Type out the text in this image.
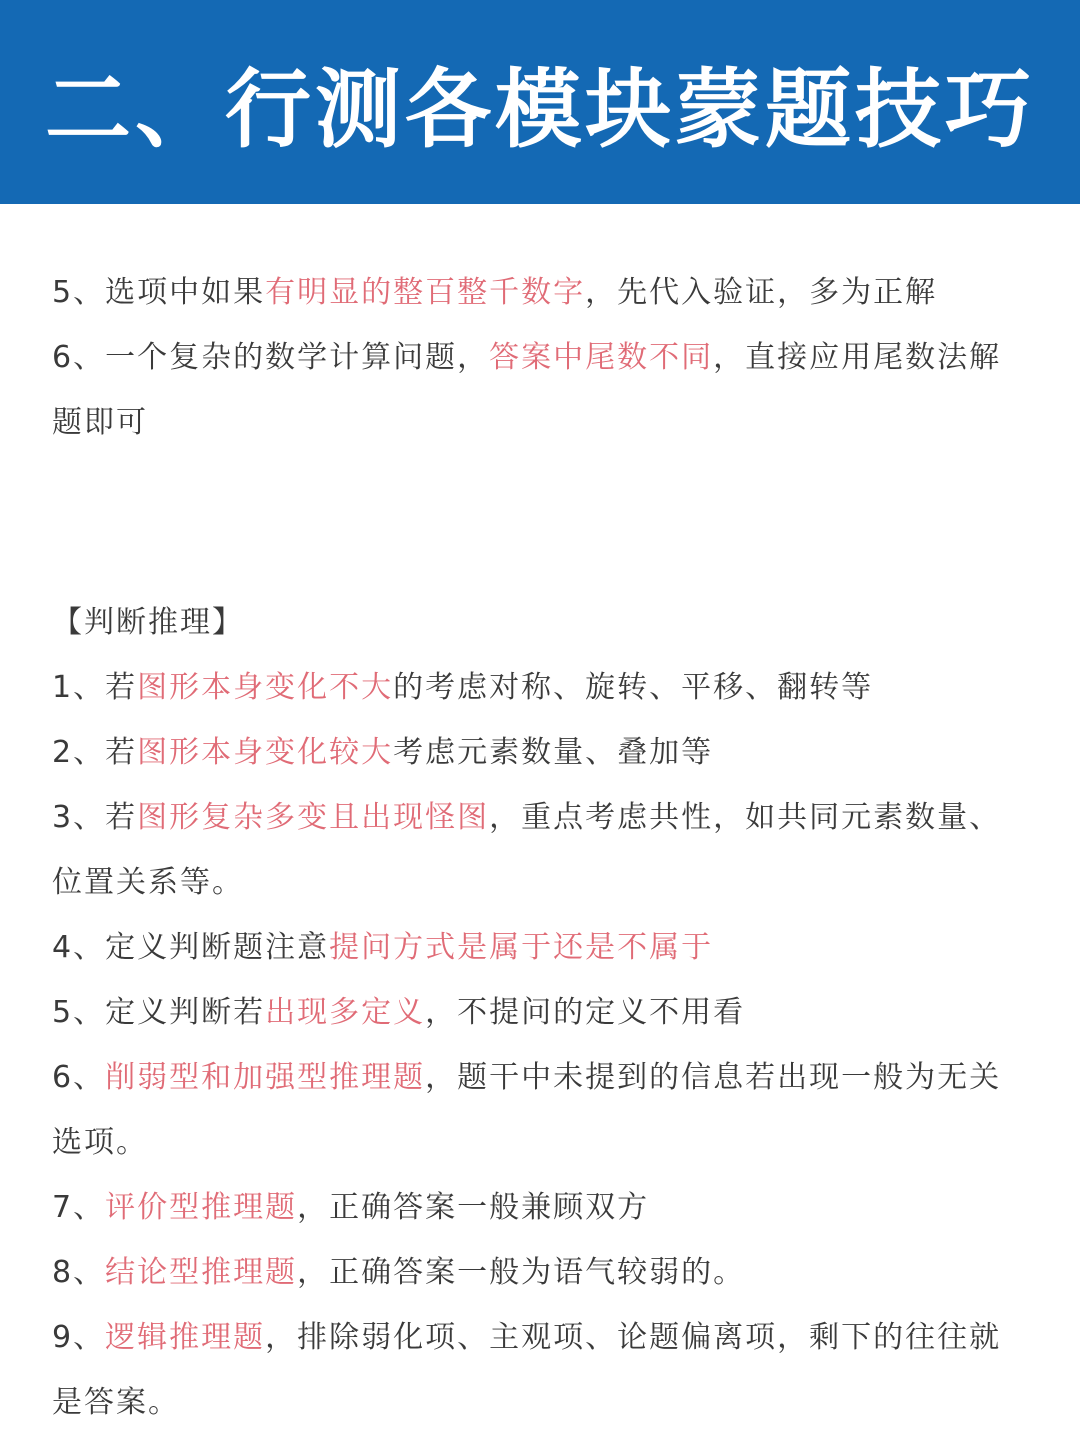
二、行测各模块蒙题技巧
5、选项中如果有明显的整百整千数字，先代入验证，多为正解
6、一个复杂的数学计算问题，答案中尾数不同，直接应用尾数法解
题即可
【判断推理】
1、若图形本身变化不大的考虑对称、旋转、平移、翻转等
2、若图形本身变化较大考虑元素数量、叠加等
3、若图形复杂多变且出现怪图，重点考虑共性，如共同元素数量、
位置关系等。
4、定义判断题注意提问方式是属于还是不属于
5、定义判断若出现多定义，不提问的定义不用看
6、削弱型和加强型推理题，题干中未提到的信息若出现一般为无关
选项。
7、评价型推理题，正确答案一般兼顾双方
8、结论型推理题，正确答案一般为语气较弱的。
9、逻辑推理题，排除弱化项、主观项、论题偏离项，剩下的往往就
是答案。
